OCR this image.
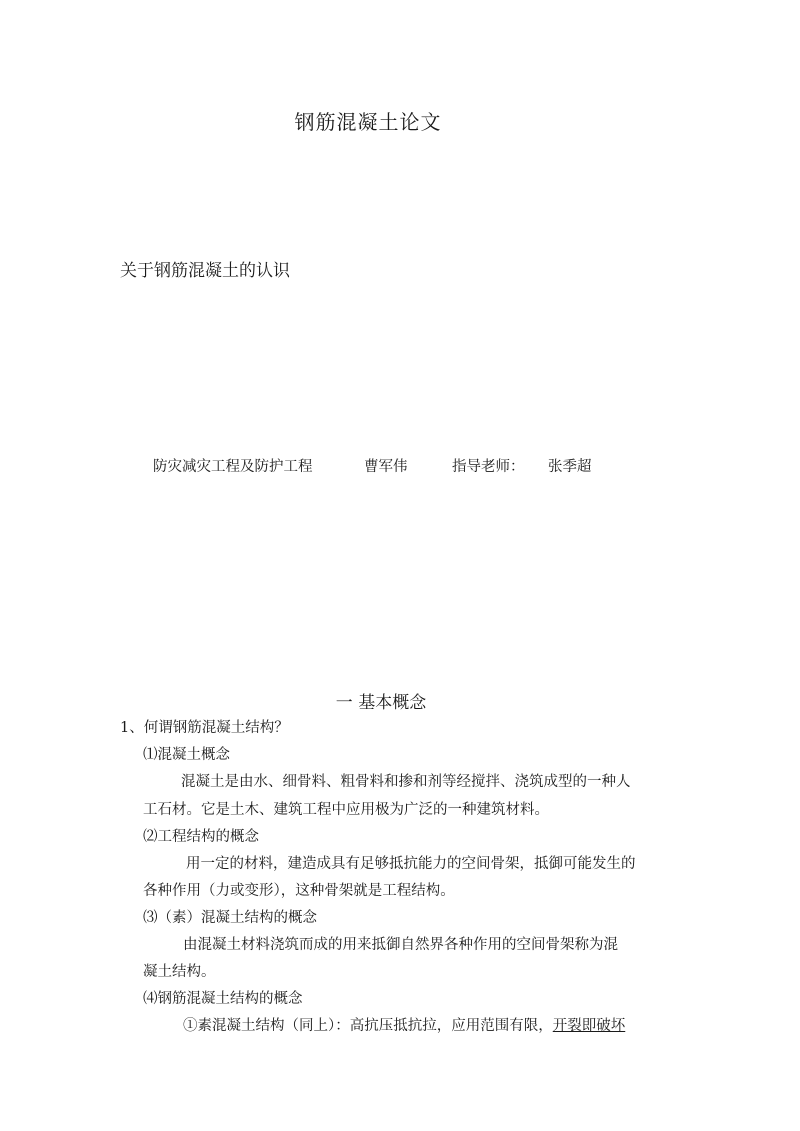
钢筋混凝土论文
关于钢筋混凝土的认识
防灾减灾工程及防护工程	曹军伟	指导老师： 张季超
一 基本概念
1、何谓钢筋混凝土结构？
⑴混凝土概念
混凝土是由水、细骨料、粗骨料和掺和剂等经搅拌、浇筑成型的一种人
工石材。它是土木、建筑工程中应用极为广泛的一种建筑材料。
⑵工程结构的概念
用一定的材料，建造成具有足够抵抗能力的空间骨架，抵御可能发生的
各种作用（力或变形），这种骨架就是工程结构。
⑶（素）混凝土结构的概念
由混凝土材料浇筑而成的用来抵御自然界各种作用的空间骨架称为混
凝土结构。
⑷钢筋混凝土结构的概念
①素混凝土结构（同上）：高抗压抵抗拉，应用范围有限，开裂即破坏
